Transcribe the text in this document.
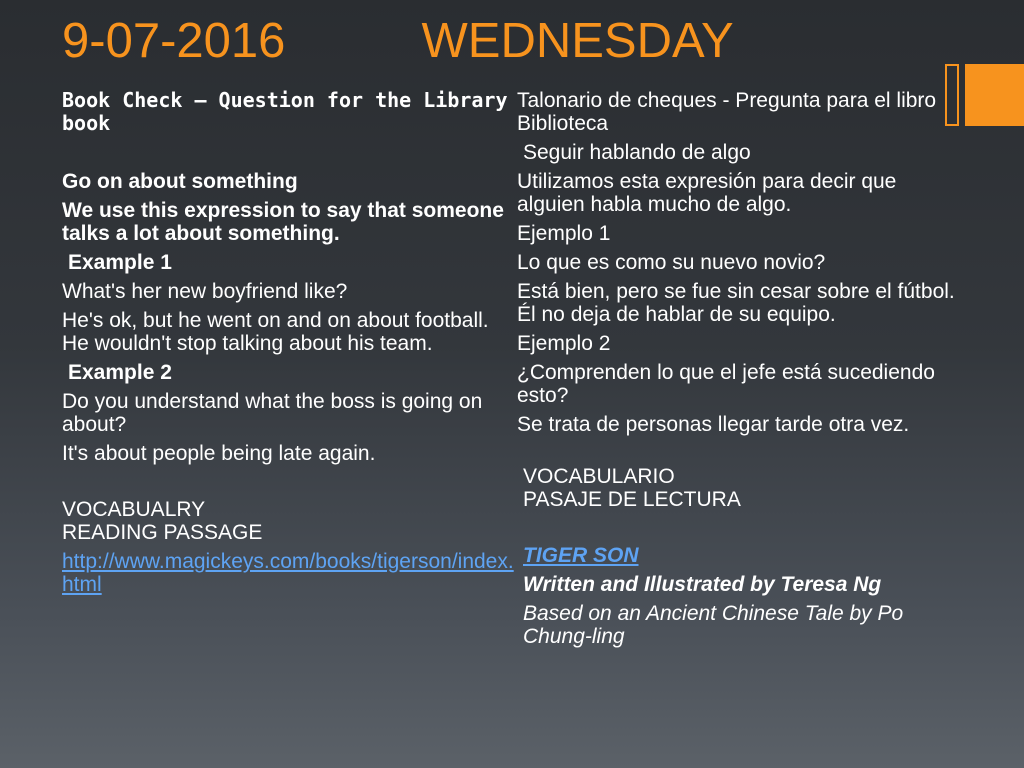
9-07-2016	WEDNESDAY

Book Check – Question for the Library book

Go on about something

We use this expression to say that someone talks a lot about something.

Example 1

What's her new boyfriend like?

He's ok, but he went on and on about football. He wouldn't stop talking about his team.

Example 2

Do you understand what the boss is going on about?

It's about people being late again.

VOCABUALRY

READING PASSAGE

http://www.magickeys.com/books/tigerson/index.html

Talonario de cheques - Pregunta para el libro Biblioteca

Seguir hablando de algo

Utilizamos esta expresión para decir que alguien habla mucho de algo.

Ejemplo 1

Lo que es como su nuevo novio?

Está bien, pero se fue sin cesar sobre el fútbol. Él no deja de hablar de su equipo.

Ejemplo 2

¿Comprenden lo que el jefe está sucediendo esto?

Se trata de personas llegar tarde otra vez.

VOCABULARIO

PASAJE DE LECTURA

TIGER SON

Written and Illustrated by Teresa Ng

Based on an Ancient Chinese Tale by Po Chung-ling
